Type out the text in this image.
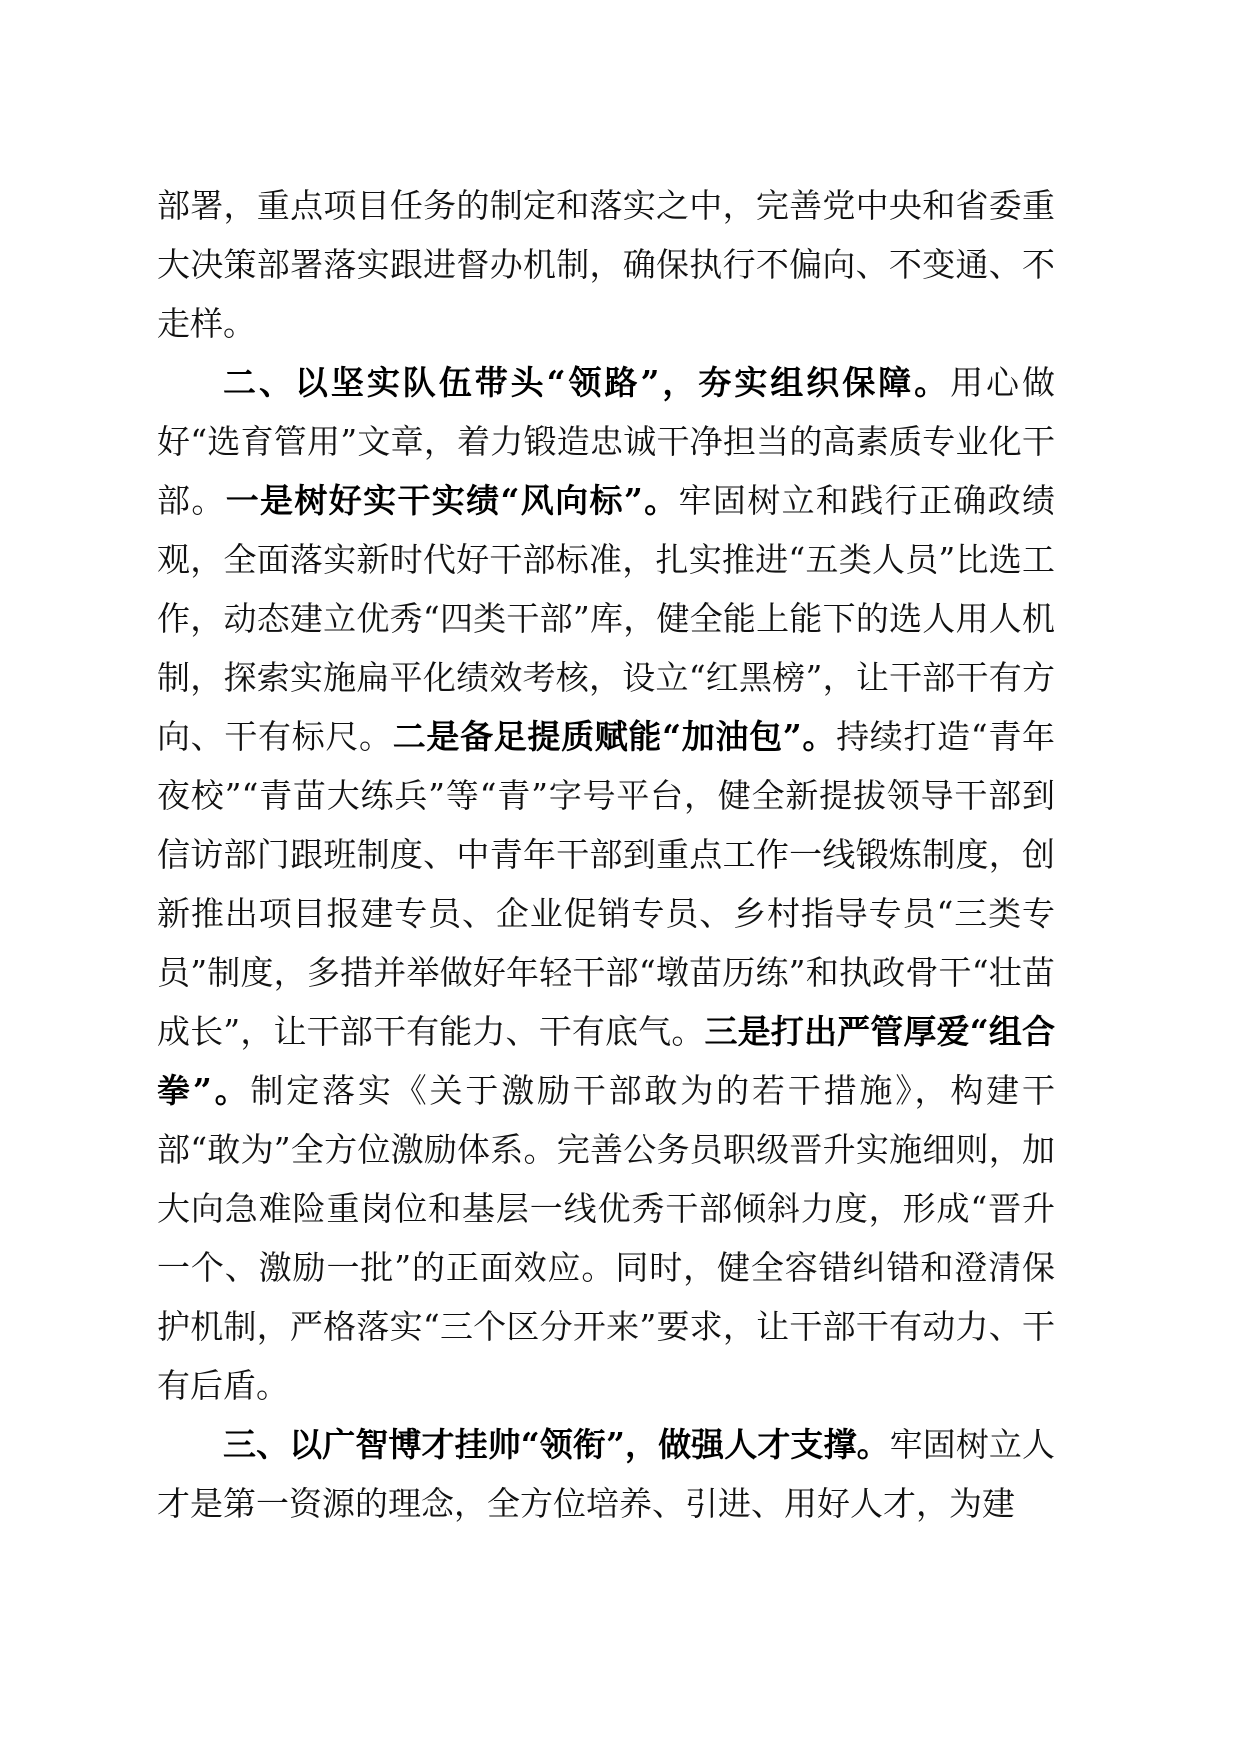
部署，重点项目任务的制定和落实之中，完善党中央和省委重大决策部署落实跟进督办机制，确保执行不偏向、不变通、不走样。

二、以坚实队伍带头“领路”，夯实组织保障。用心做好“选育管用”文章，着力锻造忠诚干净担当的高素质专业化干部。一是树好实干实绩“风向标”。牢固树立和践行正确政绩观，全面落实新时代好干部标准，扎实推进“五类人员”比选工作，动态建立优秀“四类干部”库，健全能上能下的选人用人机制，探索实施扁平化绩效考核，设立“红黑榜”，让干部干有方向、干有标尺。二是备足提质赋能“加油包”。持续打造“青年夜校”“青苗大练兵”等“青”字号平台，健全新提拔领导干部到信访部门跟班制度、中青年干部到重点工作一线锻炼制度，创新推出项目报建专员、企业促销专员、乡村指导专员“三类专员”制度，多措并举做好年轻干部“墩苗历练”和执政骨干“壮苗成长”，让干部干有能力、干有底气。三是打出严管厚爱“组合拳”。制定落实《关于激励干部敢为的若干措施》，构建干部“敢为”全方位激励体系。完善公务员职级晋升实施细则，加大向急难险重岗位和基层一线优秀干部倾斜力度，形成“晋升一个、激励一批”的正面效应。同时，健全容错纠错和澄清保护机制，严格落实“三个区分开来”要求，让干部干有动力、干有后盾。

三、以广智博才挂帅“领衔”，做强人才支撑。牢固树立人才是第一资源的理念，全方位培养、引进、用好人才，为建
